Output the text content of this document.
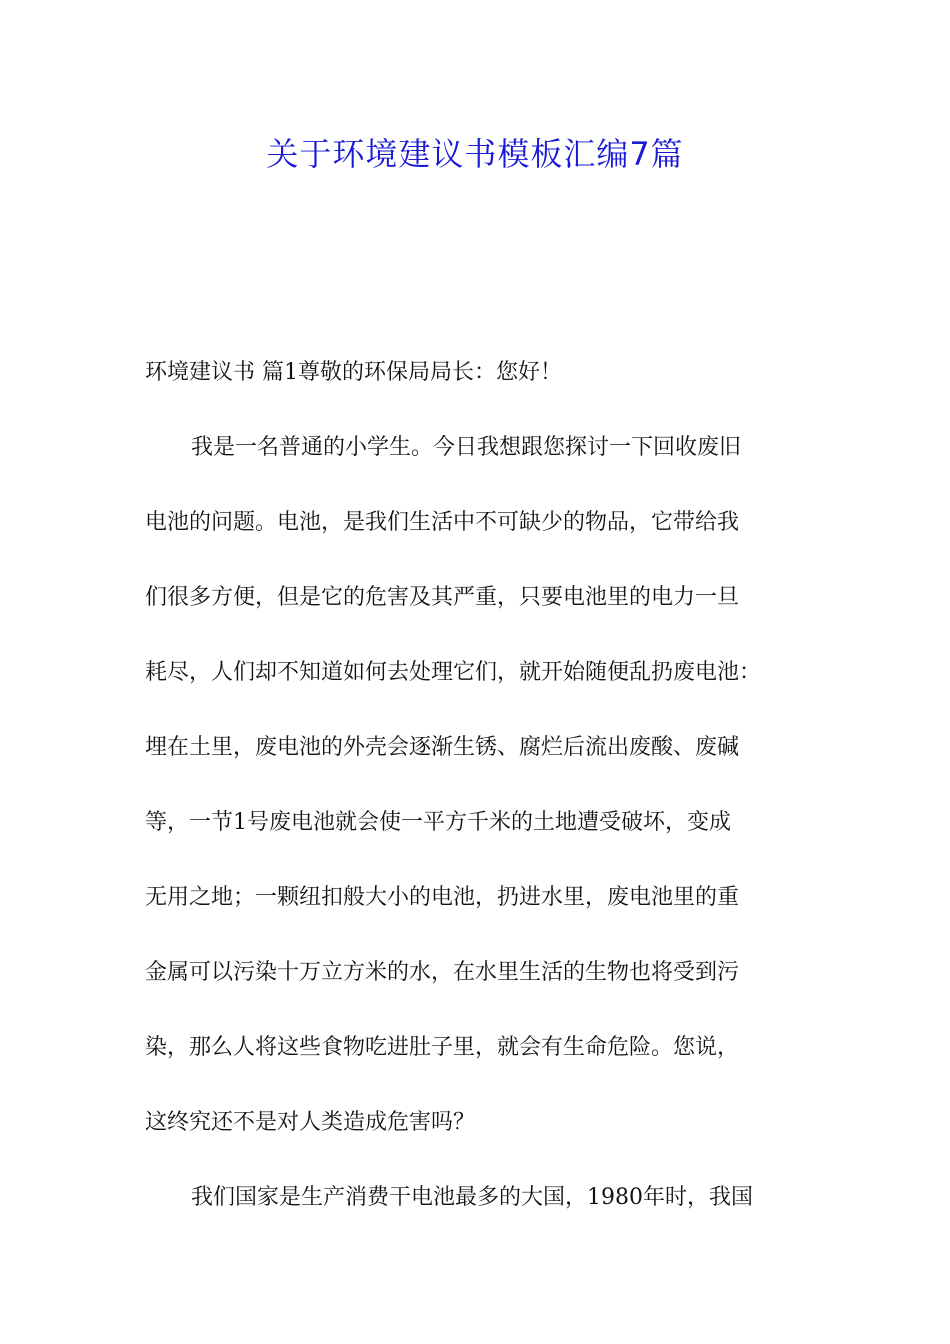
关于环境建议书模板汇编7篇
环境建议书 篇1尊敬的环保局局长：您好！
我是一名普通的小学生。今日我想跟您探讨一下回收废旧
电池的问题。电池，是我们生活中不可缺少的物品，它带给我
们很多方便，但是它的危害及其严重，只要电池里的电力一旦
耗尽，人们却不知道如何去处理它们，就开始随便乱扔废电池：
埋在土里，废电池的外壳会逐渐生锈、腐烂后流出废酸、废碱
等，一节1号废电池就会使一平方千米的土地遭受破坏，变成
无用之地；一颗纽扣般大小的电池，扔进水里，废电池里的重
金属可以污染十万立方米的水，在水里生活的生物也将受到污
染，那么人将这些食物吃进肚子里，就会有生命危险。您说，
这终究还不是对人类造成危害吗？
我们国家是生产消费干电池最多的大国，1980年时，我国
